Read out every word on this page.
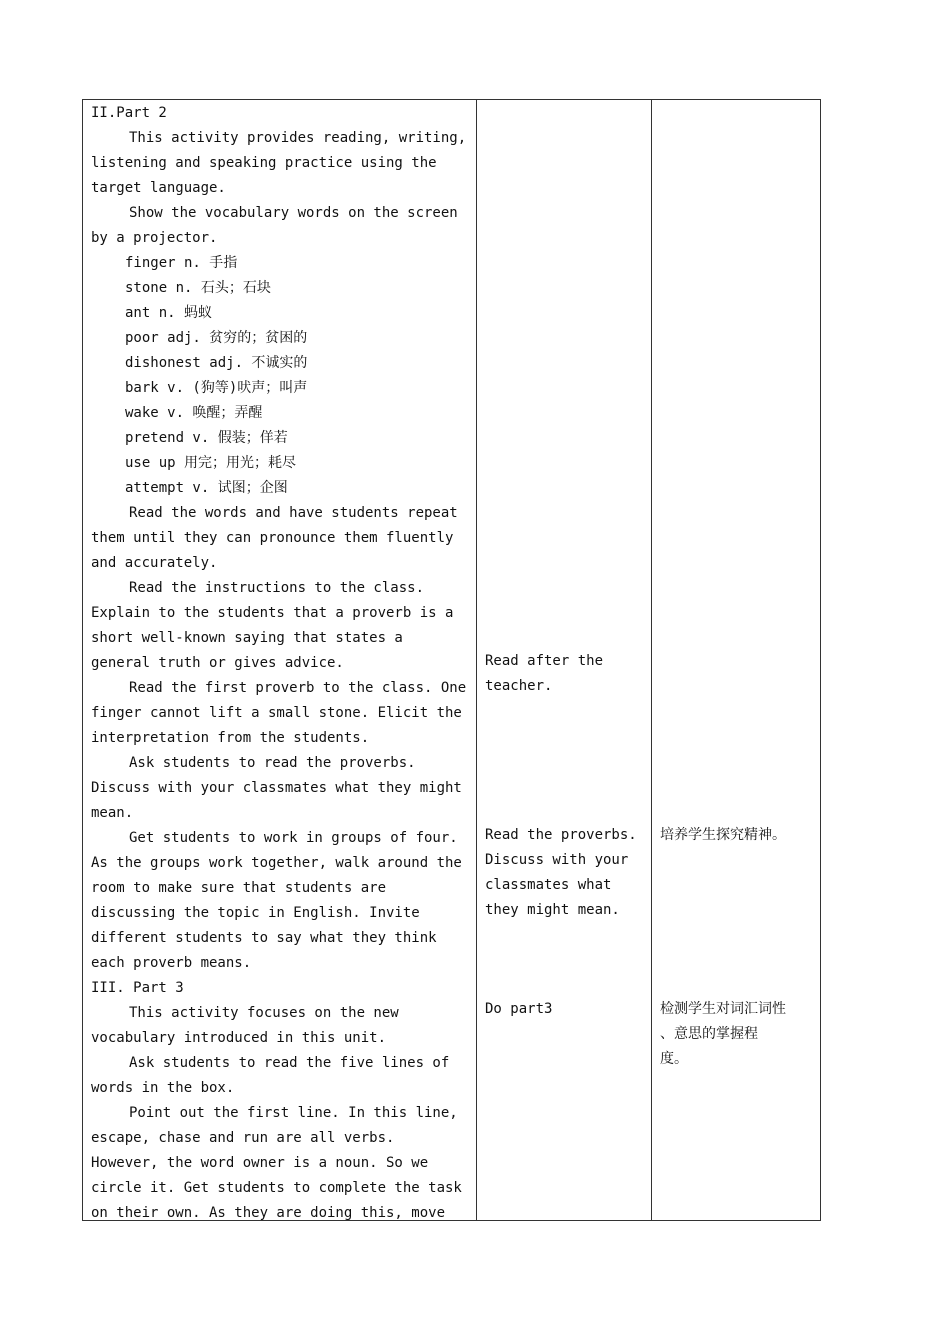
II.Part 2
This activity provides reading, writing,
listening and speaking practice using the
target language.
Show the vocabulary words on the screen
by a projector.
finger n. 手指
stone n. 石头；石块
ant n. 蚂蚁
poor adj. 贫穷的；贫困的
dishonest adj. 不诚实的
bark v. (狗等)吠声；叫声
wake v. 唤醒；弄醒
pretend v. 假装；佯若
use up 用完；用光；耗尽
attempt v. 试图；企图
Read the words and have students repeat
them until they can pronounce them fluently
and accurately.
Read the instructions to the class.
Explain to the students that a proverb is a
short well-known saying that states a
general truth or gives advice.
Read the first proverb to the class. One
finger cannot lift a small stone. Elicit the
interpretation from the students.
Ask students to read the proverbs.
Discuss with your classmates what they might
mean.
Get students to work in groups of four.
As the groups work together, walk around the
room to make sure that students are
discussing the topic in English. Invite
different students to say what they think
each proverb means.
III. Part 3
This activity focuses on the new
vocabulary introduced in this unit.
Ask students to read the five lines of
words in the box.
Point out the first line. In this line,
escape, chase and run are all verbs.
However, the word owner is a noun. So we
circle it. Get students to complete the task
on their own. As they are doing this, move
Read after the
teacher.
Read the proverbs.
Discuss with your
classmates what
they might mean.
Do part3
培养学生探究精神。
检测学生对词汇词性
、意思的掌握程
度。
